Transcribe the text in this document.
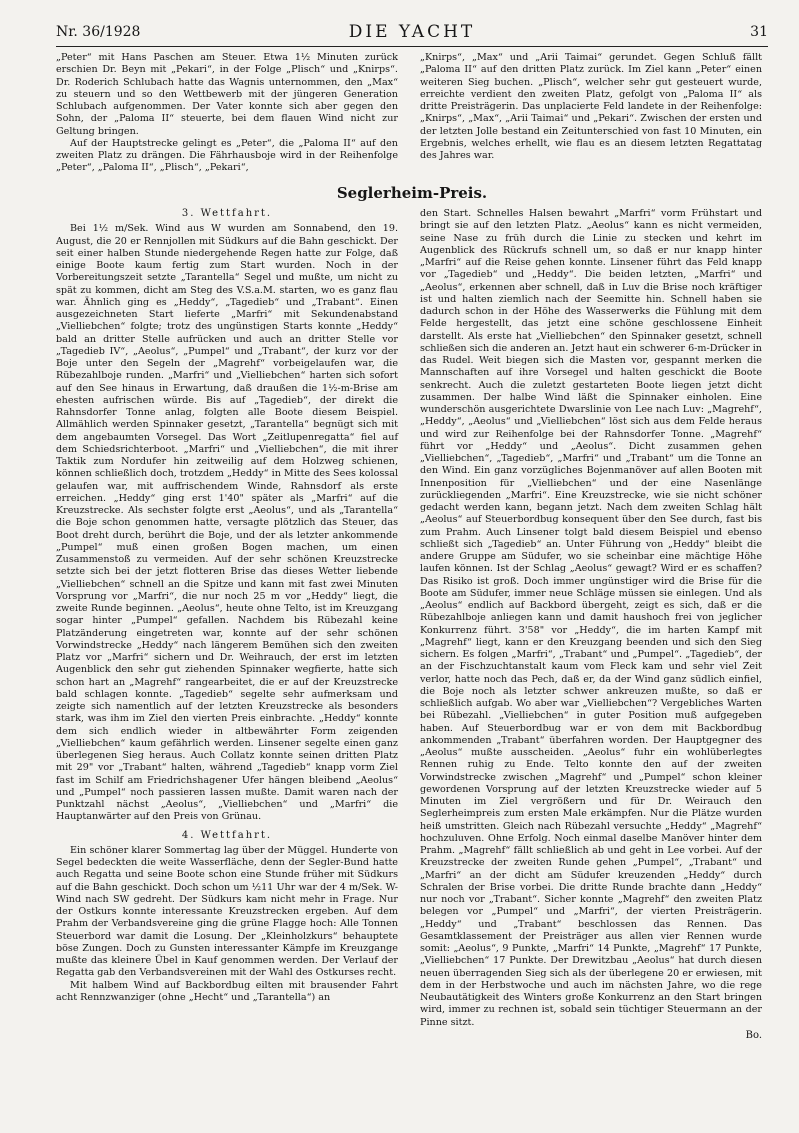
Nr. 36/1928	DIE YACHT	31

„Peter“ mit Hans Paschen am Steuer. Etwa 1½ Minuten zurück erschien Dr. Beyn mit „Pekari“, in der Folge „Plisch“ und „Knirps“. Dr. Roderich Schlubach hatte das Wagnis unternommen, den „Max“ zu steuern und so den Wettbewerb mit der jüngeren Generation Schlubach aufgenommen. Der Vater konnte sich aber gegen den Sohn, der „Paloma II“ steuerte, bei dem flauen Wind nicht zur Geltung bringen.

Auf der Hauptstrecke gelingt es „Peter“, die „Paloma II“ auf den zweiten Platz zu drängen. Die Fährhausboje wird in der Reihenfolge „Peter“, „Paloma II“, „Plisch“, „Pekari“,

„Knirps“, „Max“ und „Arii Taimai“ gerundet. Gegen Schluß fällt „Paloma II“ auf den dritten Platz zurück. Im Ziel kann „Peter“ einen weiteren Sieg buchen. „Plisch“, welcher sehr gut gesteuert wurde, erreichte verdient den zweiten Platz, gefolgt von „Paloma II“ als dritte Preisträgerin. Das unplacierte Feld landete in der Reihenfolge: „Knirps“, „Max“, „Arii Taimai“ und „Pekari“. Zwischen der ersten und der letzten Jolle bestand ein Zeitunterschied von fast 10 Minuten, ein Ergebnis, welches erhellt, wie flau es an diesem letzten Regattatag des Jahres war.

Seglerheim-Preis.
3. Wettfahrt.

Bei 1½ m/Sek. Wind aus W wurden am Sonnabend, den 19. August, die 20 er Rennjollen mit Südkurs auf die Bahn geschickt. Der seit einer halben Stunde niedergehende Regen hatte zur Folge, daß einige Boote kaum fertig zum Start wurden. Noch in der Vorbereitungszeit setzte „Tarantella“ Segel und mußte, um nicht zu spät zu kommen, dicht am Steg des V.S.a.M. starten, wo es ganz flau war. Ähnlich ging es „Heddy“, „Tagedieb“ und „Trabant“. Einen ausgezeichneten Start lieferte „Marfri“ mit Sekundenabstand „Vielliebchen“ folgte; trotz des ungünstigen Starts konnte „Heddy“ bald an dritter Stelle aufrücken und auch an dritter Stelle vor „Tagedieb IV“, „Aeolus“, „Pumpel“ und „Trabant“, der kurz vor der Boje unter den Segeln der „Magrehf“ vorbeigelaufen war, die Rübezahlboje runden. „Marfri“ und „Vielliebchen“ harten sich sofort auf den See hinaus in Erwartung, daß draußen die 1½-m-Brise am ehesten aufrischen würde. Bis auf „Tagedieb“, der direkt die Rahnsdorfer Tonne anlag, folgten alle Boote diesem Beispiel. Allmählich werden Spinnaker gesetzt, „Tarantella“ begnügt sich mit dem angebaumten Vorsegel. Das Wort „Zeitlupenregatta“ fiel auf dem Schiedsrichterboot. „Marfri“ und „Vielliebchen“, die mit ihrer Taktik zum Nordufer hin zeitweilig auf dem Holzweg schienen, können schließlich doch, trotzdem „Heddy“ in Mitte des Sees kolossal gelaufen war, mit auffrischendem Winde, Rahnsdorf als erste erreichen. „Heddy“ ging erst 1'40" später als „Marfri“ auf die Kreuzstrecke. Als sechster folgte erst „Aeolus“, und als „Tarantella“ die Boje schon genommen hatte, versagte plötzlich das Steuer, das Boot dreht durch, berührt die Boje, und der als letzter ankommende „Pumpel“ muß einen großen Bogen machen, um einen Zusammenstoß zu vermeiden. Auf der sehr schönen Kreuzstrecke setzte sich bei der jetzt flotteren Brise das dieses Wetter liebende „Vielliebchen“ schnell an die Spitze und kann mit fast zwei Minuten Vorsprung vor „Marfri“, die nur noch 25 m vor „Heddy“ liegt, die zweite Runde beginnen. „Aeolus“, heute ohne Telto, ist im Kreuzgang sogar hinter „Pumpel“ gefallen. Nachdem bis Rübezahl keine Platzänderung eingetreten war, konnte auf der sehr schönen Vorwindstrecke „Heddy“ nach längerem Bemühen sich den zweiten Platz vor „Marfri“ sichern und Dr. Weihrauch, der erst im letzten Augenblick den sehr gut ziehenden Spinnaker wegfierte, hatte sich schon hart an „Magrehf“ rangearbeitet, die er auf der Kreuzstrecke bald schlagen konnte. „Tagedieb“ segelte sehr aufmerksam und zeigte sich namentlich auf der letzten Kreuzstrecke als besonders stark, was ihm im Ziel den vierten Preis einbrachte. „Heddy“ konnte dem sich endlich wieder in altbewährter Form zeigenden „Vielliebchen“ kaum gefährlich werden. Linsener segelte einen ganz überlegenen Sieg heraus. Auch Collatz konnte seinen dritten Platz mit 29" vor „Trabant“ halten, während „Tagedieb“ knapp vorm Ziel fast im Schilf am Friedrichshagener Ufer hängen bleibend „Aeolus“ und „Pumpel“ noch passieren lassen mußte. Damit waren nach der Punktzahl nächst „Aeolus“, „Vielliebchen“ und „Marfri“ die Hauptanwärter auf den Preis von Grünau.

4. Wettfahrt.

Ein schöner klarer Sommertag lag über der Müggel. Hunderte von Segel bedeckten die weite Wasserfläche, denn der Segler-Bund hatte auch Regatta und seine Boote schon eine Stunde früher mit Südkurs auf die Bahn geschickt. Doch schon um ½11 Uhr war der 4 m/Sek. W-Wind nach SW gedreht. Der Südkurs kam nicht mehr in Frage. Nur der Ostkurs konnte interessante Kreuzstrecken ergeben. Auf dem Prahm der Verbandsvereine ging die grüne Flagge hoch: Alle Tonnen Steuerbord war damit die Losung. Der „Kleinholzkurs“ behauptete böse Zungen. Doch zu Gunsten interessanter Kämpfe im Kreuzgange mußte das kleinere Übel in Kauf genommen werden. Der Verlauf der Regatta gab den Verbandsvereinen mit der Wahl des Ostkurses recht.

Mit halbem Wind auf Backbordbug eilten mit brausender Fahrt acht Rennzwanziger (ohne „Hecht“ und „Tarantella“) an

den Start. Schnelles Halsen bewahrt „Marfri“ vorm Frühstart und bringt sie auf den letzten Platz. „Aeolus“ kann es nicht vermeiden, seine Nase zu früh durch die Linie zu stecken und kehrt im Augenblick des Rückrufs schnell um, so daß er nur knapp hinter „Marfri“ auf die Reise gehen konnte. Linsener führt das Feld knapp vor „Tagedieb“ und „Heddy“. Die beiden letzten, „Marfri“ und „Aeolus“, erkennen aber schnell, daß in Luv die Brise noch kräftiger ist und halten ziemlich nach der Seemitte hin. Schnell haben sie dadurch schon in der Höhe des Wasserwerks die Fühlung mit dem Felde hergestellt, das jetzt eine schöne geschlossene Einheit darstellt. Als erste hat „Vielliebchen“ den Spinnaker gesetzt, schnell schließen sich die anderen an. Jetzt haut ein schwerer 6-m-Drücker in das Rudel. Weit biegen sich die Masten vor, gespannt merken die Mannschaften auf ihre Vorsegel und halten geschickt die Boote senkrecht. Auch die zuletzt gestarteten Boote liegen jetzt dicht zusammen. Der halbe Wind läßt die Spinnaker einholen. Eine wunderschön ausgerichtete Dwarslinie von Lee nach Luv: „Magrehf“, „Heddy“, „Aeolus“ und „Vielliebchen“ löst sich aus dem Felde heraus und wird zur Reihenfolge bei der Rahnsdorfer Tonne. „Magrehf“ führt vor „Heddy“ und „Aeolus“. Dicht zusammen gehen „Vielliebchen“, „Tagedieb“, „Marfri“ und „Trabant“ um die Tonne an den Wind. Ein ganz vorzügliches Bojenmanöver auf allen Booten mit Innenposition für „Vielliebchen“ und der eine Nasenlänge zurückliegenden „Marfri“. Eine Kreuzstrecke, wie sie nicht schöner gedacht werden kann, begann jetzt. Nach dem zweiten Schlag hält „Aeolus“ auf Steuerbordbug konsequent über den See durch, fast bis zum Prahm. Auch Linsener tolgt bald diesem Beispiel und ebenso schließt sich „Tagedieb“ an. Unter Führung von „Heddy“ bleibt die andere Gruppe am Südufer, wo sie scheinbar eine mächtige Höhe laufen können. Ist der Schlag „Aeolus“ gewagt? Wird er es schaffen? Das Risiko ist groß. Doch immer ungünstiger wird die Brise für die Boote am Südufer, immer neue Schläge müssen sie einlegen. Und als „Aeolus“ endlich auf Backbord übergeht, zeigt es sich, daß er die Rübezahlboje anliegen kann und damit haushoch frei von jeglicher Konkurrenz führt. 3'58" vor „Heddy“, die im harten Kampf mit „Magrehf“ liegt, kann er den Kreuzgang beenden und sich den Sieg sichern. Es folgen „Marfri“, „Trabant“ und „Pumpel“. „Tagedieb“, der an der Fischzuchtanstalt kaum vom Fleck kam und sehr viel Zeit verlor, hatte noch das Pech, daß er, da der Wind ganz südlich einfiel, die Boje noch als letzter schwer ankreuzen mußte, so daß er schließlich aufgab. Wo aber war „Vielliebchen“? Vergebliches Warten bei Rübezahl. „Vielliebchen“ in guter Position muß aufgegeben haben. Auf Steuerbordbug war er von dem mit Backbordbug ankommenden „Trabant“ überfahren worden. Der Hauptgegner des „Aeolus“ mußte ausscheiden. „Aeolus“ fuhr ein wohlüberlegtes Rennen ruhig zu Ende. Telto konnte den auf der zweiten Vorwindstrecke zwischen „Magrehf“ und „Pumpel“ schon kleiner gewordenen Vorsprung auf der letzten Kreuzstrecke wieder auf 5 Minuten im Ziel vergrößern und für Dr. Weirauch den Seglerheimpreis zum ersten Male erkämpfen. Nur die Plätze wurden heiß umstritten. Gleich nach Rübezahl versuchte „Heddy“ „Magrehf“ hochzuluven. Ohne Erfolg. Noch einmal daselbe Manöver hinter dem Prahm. „Magrehf“ fällt schließlich ab und geht in Lee vorbei. Auf der Kreuzstrecke der zweiten Runde gehen „Pumpel“, „Trabant“ und „Marfri“ an der dicht am Südufer kreuzenden „Heddy“ durch Schralen der Brise vorbei. Die dritte Runde brachte dann „Heddy“ nur noch vor „Trabant“. Sicher konnte „Magrehf“ den zweiten Platz belegen vor „Pumpel“ und „Marfri“, der vierten Preisträgerin. „Heddy“ und „Trabant“ beschlossen das Rennen. Das Gesamtklassement der Preisträger aus allen vier Rennen wurde somit: „Aeolus“, 9 Punkte, „Marfri“ 14 Punkte, „Magrehf“ 17 Punkte, „Vielliebchen“ 17 Punkte. Der Drewitzbau „Aeolus“ hat durch diesen neuen überragenden Sieg sich als der überlegene 20 er erwiesen, mit dem in der Herbstwoche und auch im nächsten Jahre, wo die rege Neubautätigkeit des Winters große Konkurrenz an den Start bringen wird, immer zu rechnen ist, sobald sein tüchtiger Steuermann an der Pinne sitzt.

Bo.
